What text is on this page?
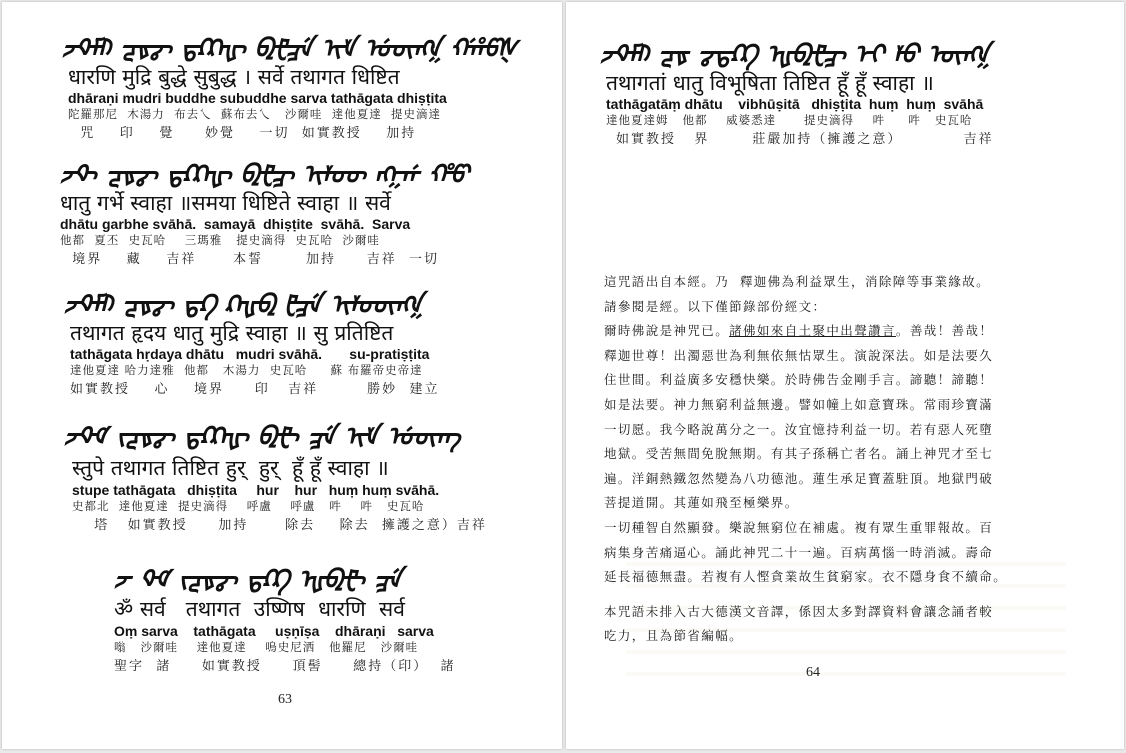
ᡔᡐᡏᡕ ᡓᡑᡒ ᡖᡗᡘᡙ ᡚᡛᡜᡝ ᡞᡟ ᡠᡡᡢᡣ ᡤᡥᡦᡧ
धारणि मुद्रि बुद्धे सुबुद्ध । सर्वे तथागत धिष्टित
dhāraṇi mudri buddhe subuddhe sarva tathāgata dhiṣṭita
陀羅那尼  木湯力  布去乀  蘇布去乀   沙爾哇  達他夏達  提史滴達
咒    印    覺     妙覺    一切  如實教授    加持
ᡔᡐ ᡓᡑᡒ ᡖᡗᡘᡙ ᡚᡛᡜ ᡞᡟᡠᡡ ᡢᡣᡤ ᡥᡦ
धातु गर्भे स्वाहा ॥समया धिष्टिते स्वाहा ॥ सर्वे
dhātu garbhe svāhā.  samayā  dhiṣṭite  svāhā.  Sarva
他都  夏丕  史瓦哈    三瑪雅   提史滴得  史瓦哈  沙爾哇
境界    藏    吉祥      本誓       加持     吉祥  一切
ᡔᡐᡏᡕ ᡓᡑᡒ ᡖᡗ ᡘᡙᡚ ᡛᡜᡝ ᡞᡟᡠᡡᡢᡣ
तथागत हृदय धातु मुद्रि स्वाहा ॥ सु प्रतिष्टित
tathāgata hṛdaya dhātu   mudri svāhā.       su-pratiṣṭita
達他夏達 哈力達雅  他都   木湯力  史瓦哈     蘇 布羅帝史帝達
如實教授    心    境界     印   吉祥        勝妙  建立
ᡔᡐᡏ ᡕᡓᡑᡒ ᡖᡗᡘᡙ ᡚᡛ ᡜᡝ ᡞᡟ ᡠᡡᡢ
स्तुपे तथागत तिष्टित हुर्  हुर्  हूँ हूँ स्वाहा ॥
stupe tathāgata   dhiṣṭita     hur    hur   huṃ huṃ svāhā.
史都北  達他夏達  提史滴得    呼盧    呼盧   吽    吽   史瓦哈
塔   如實教授     加持      除去    除去  擁護之意）吉祥
ᡔ ᡐᡏ ᡕᡓᡑᡒ ᡖᡗᡘ ᡙᡚᡛ ᡜᡝ
ॐ सर्व   तथागत  उष्णिष  धारणि  सर्व
Oṃ sarva    tathāgata     uṣṇīṣa    dhāraṇi   sarva
嗡   沙爾哇    達他夏達    嗚史尼洒   他羅尼   沙爾哇
聖字  諸     如實教授     頂髻     總持（印）  諸
63
ᡔᡐᡏᡕ ᡓᡑ ᡒᡖᡗᡘ ᡙᡚᡛᡜ ᡝᡞ ᡟᡠ ᡡᡢᡣ
तथागतां धातु विभूषिता तिष्टित हूँ हूँ स्वाहा ॥
tathāgatāṃ dhātu    vibhūṣitā   dhiṣṭita  huṃ  huṃ  svāhā
達他夏達姆   他都    威婆悉達      提史滴得    吽     吽   史瓦哈
如實教授   界       莊嚴加持（擁護之意）          吉祥
這咒語出自本經。乃  釋迦佛為利益眾生，消除障等事業緣故。
請參閱是經。以下僅節錄部份經文：
爾時佛說是神咒已。諸佛如來自土聚中出聲讚言。善哉！善哉！
釋迦世尊！出濁惡世為利無依無怙眾生。演說深法。如是法要久
住世間。利益廣多安穩快樂。於時佛告金剛手言。諦聽！諦聽！
如是法要。神力無窮利益無邊。譬如幢上如意寶珠。常雨珍寶滿
一切愿。我今略說萬分之一。汝宜憶持利益一切。若有惡人死墮
地獄。受苦無間免脫無期。有其子孫稱亡者名。誦上神咒才至七
遍。洋銅熱鐵忽然變為八功德池。蓮生承足寶蓋駐頂。地獄門破
菩提道開。其蓮如飛至極樂界。
一切種智自然顯發。樂說無窮位在補處。複有眾生重罪報故。百
病集身苦痛逼心。誦此神咒二十一遍。百病萬惱一時消滅。壽命
延長福德無盡。若複有人慳貪業故生貧窮家。衣不隱身食不續命。
本咒語未排入古大德漢文音譯，係因太多對譯資料會讓念誦者較
吃力，且為節省編幅。
64
